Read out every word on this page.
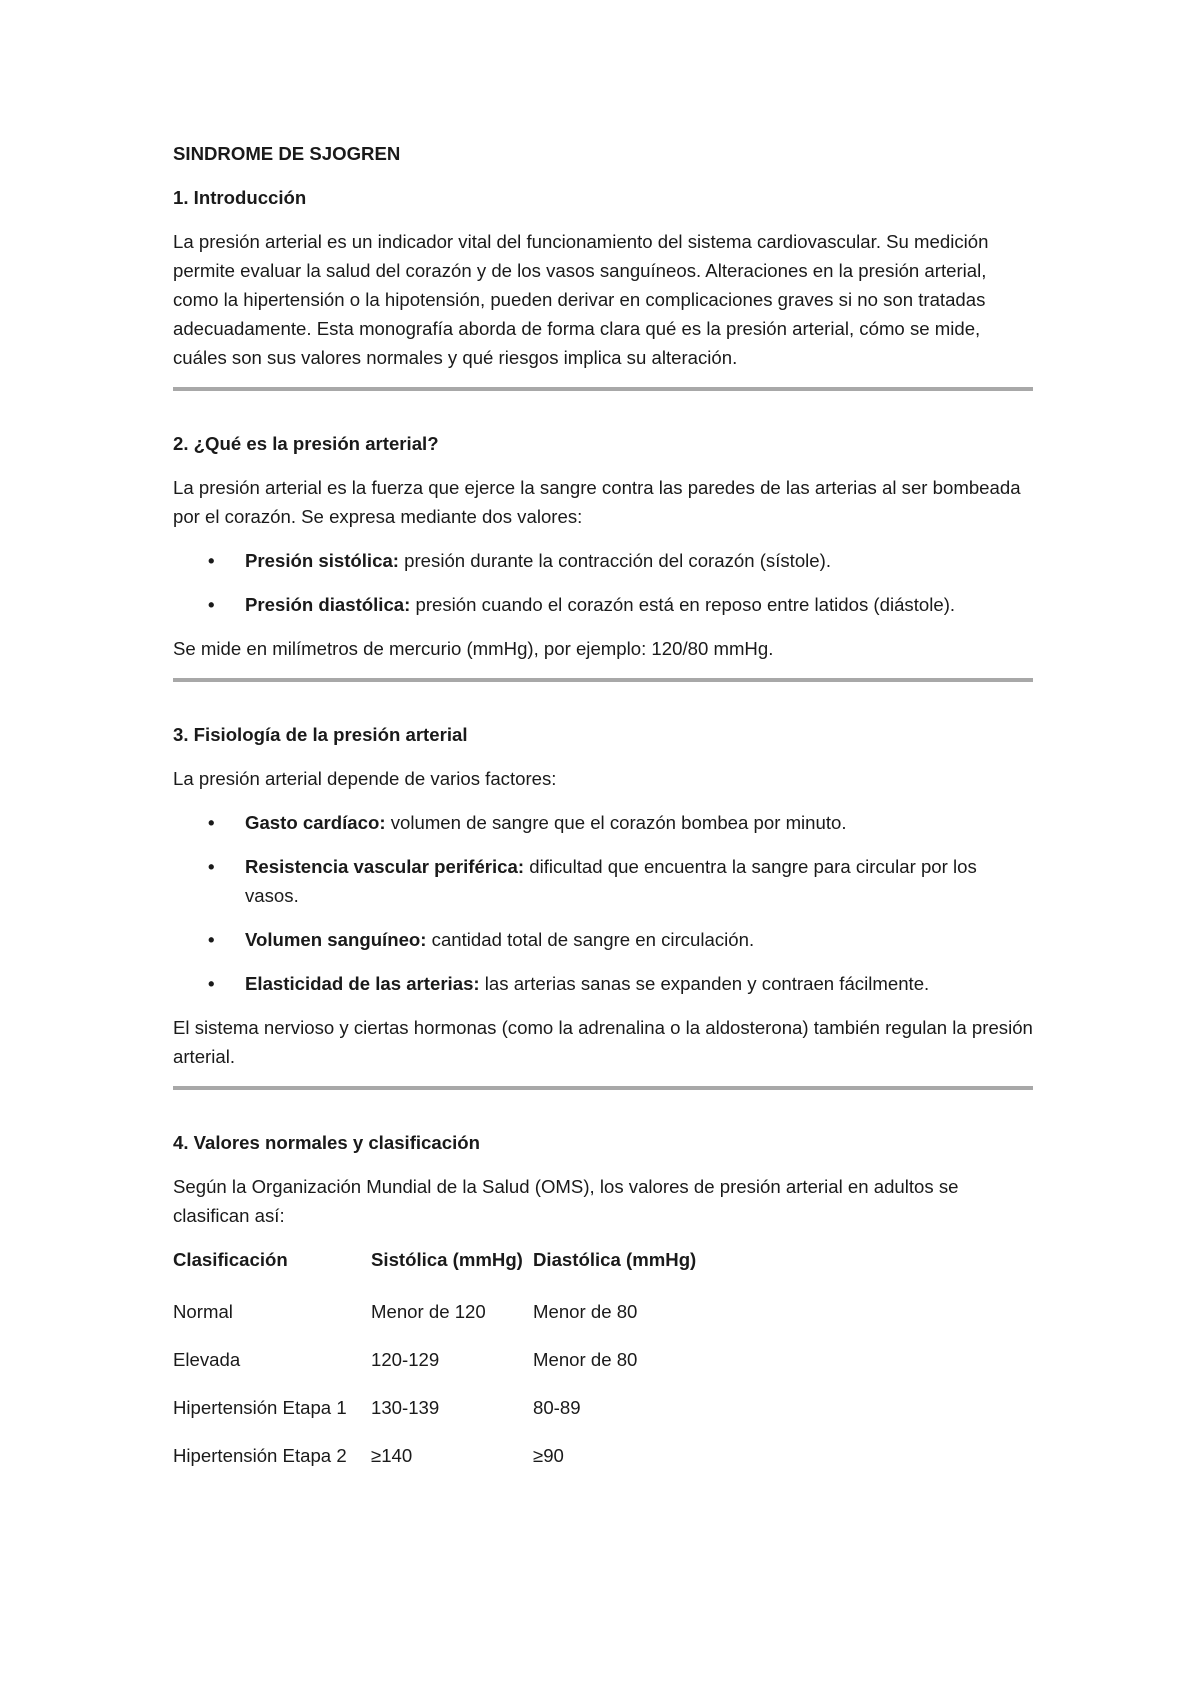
SINDROME DE SJOGREN
1. Introducción

La presión arterial es un indicador vital del funcionamiento del sistema cardiovascular. Su medición permite evaluar la salud del corazón y de los vasos sanguíneos. Alteraciones en la presión arterial, como la hipertensión o la hipotensión, pueden derivar en complicaciones graves si no son tratadas adecuadamente. Esta monografía aborda de forma clara qué es la presión arterial, cómo se mide, cuáles son sus valores normales y qué riesgos implica su alteración.

2. ¿Qué es la presión arterial?

La presión arterial es la fuerza que ejerce la sangre contra las paredes de las arterias al ser bombeada por el corazón. Se expresa mediante dos valores:

• Presión sistólica: presión durante la contracción del corazón (sístole).
• Presión diastólica: presión cuando el corazón está en reposo entre latidos (diástole).

Se mide en milímetros de mercurio (mmHg), por ejemplo: 120/80 mmHg.

3. Fisiología de la presión arterial

La presión arterial depende de varios factores:

• Gasto cardíaco: volumen de sangre que el corazón bombea por minuto.
• Resistencia vascular periférica: dificultad que encuentra la sangre para circular por los vasos.
• Volumen sanguíneo: cantidad total de sangre en circulación.
• Elasticidad de las arterias: las arterias sanas se expanden y contraen fácilmente.

El sistema nervioso y ciertas hormonas (como la adrenalina o la aldosterona) también regulan la presión arterial.

4. Valores normales y clasificación

Según la Organización Mundial de la Salud (OMS), los valores de presión arterial en adultos se clasifican así:

Clasificación	Sistólica (mmHg)	Diastólica (mmHg)
Normal	Menor de 120	Menor de 80
Elevada	120-129	Menor de 80
Hipertensión Etapa 1	130-139	80-89
Hipertensión Etapa 2	≥140	≥90
